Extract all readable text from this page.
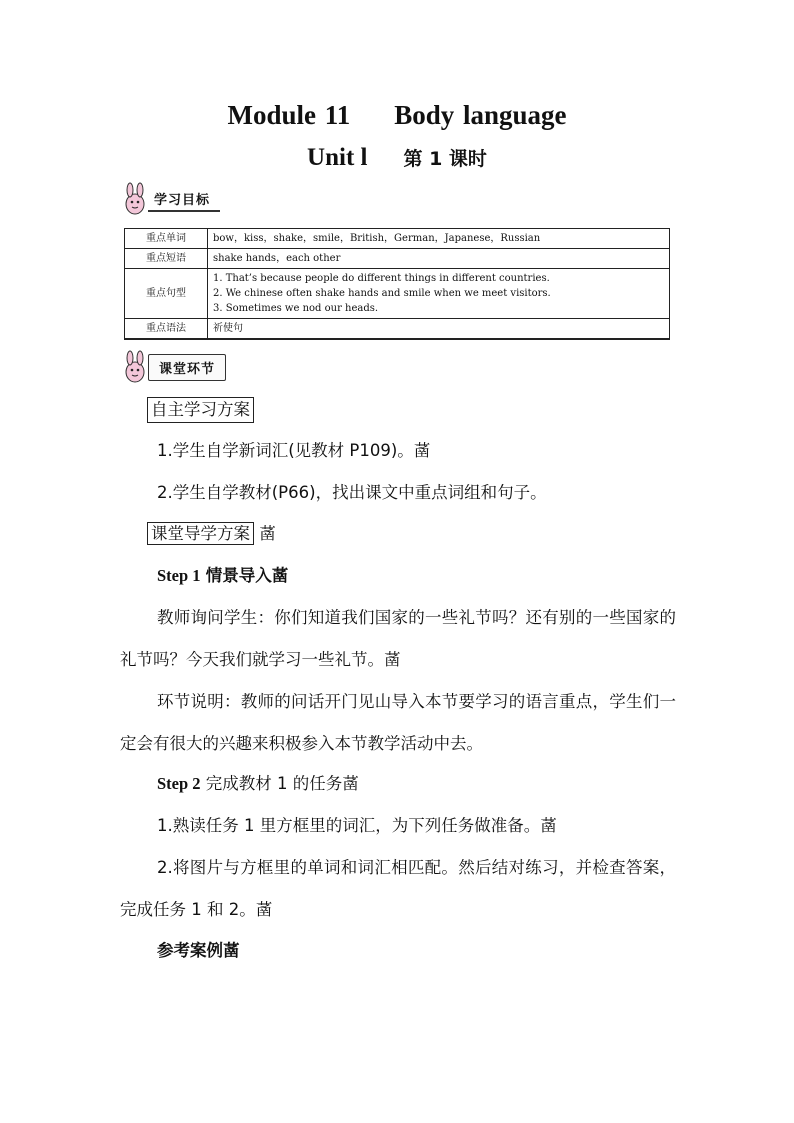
Module 11 Body language
Unit l 第 1 课时
学习目标
重点单词	bow，kiss，shake，smile，British，German，Japanese，Russian
重点短语	shake hands，each other
重点句型	1. That’s because people do different things in different countries.
2. We chinese often shake hands and smile when we meet visitors.
3. Sometimes we nod our heads.

重点语法	祈使句
课堂环节
自主学习方案
1.学生自学新词汇(见教材 P109)。䓿
2.学生自学教材(P66)，找出课文中重点词组和句子。
课堂导学方案 䓿
Step 1 情景导入䓿
教师询问学生：你们知道我们国家的一些礼节吗？还有别的一些国家的礼节吗？今天我们就学习一些礼节。䓿
环节说明：教师的问话开门见山导入本节要学习的语言重点，学生们一定会有很大的兴趣来积极参入本节教学活动中去。
Step 2 完成教材 1 的任务䓿
1.熟读任务 1 里方框里的词汇，为下列任务做准备。䓿
2.将图片与方框里的单词和词汇相匹配。然后结对练习，并检查答案，完成任务 1 和 2。䓿
参考案例䓿
